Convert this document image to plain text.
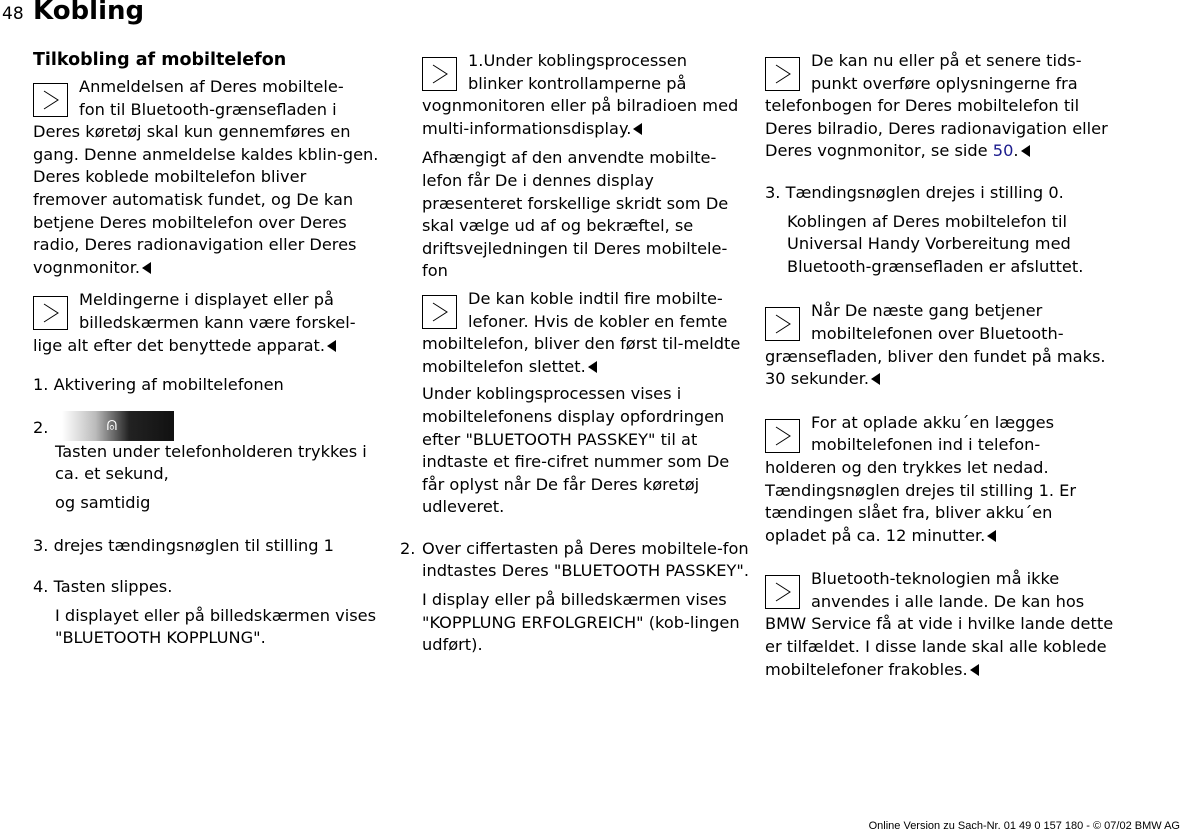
48 Kobling
Tilkobling af mobiltelefon

Anmeldelsen af Deres mobiltele-

fon til Bluetooth-grænsefladen i

Deres køretøj skal kun gennemføres en gang. Denne anmeldelse kaldes kblin-gen. Deres koblede mobiltelefon bliver fremover automatisk fundet, og De kan betjene Deres mobiltelefon over Deres radio, Deres radionavigation eller Deres vognmonitor.

Meldingerne i displayet eller på

billedskærmen kann være forskel-

lige alt efter det benyttede apparat.

1. Aktivering af mobiltelefonen

2.	⍝

Tasten under telefonholderen trykkes i ca. et sekund,

og samtidig

3. drejes tændingsnøglen til stilling 1

4. Tasten slippes.

I displayet eller på billedskærmen vises "BLUETOOTH KOPPLUNG".

1.Under koblingsprocessen

blinker kontrollamperne på

vognmonitoren eller på bilradioen med multi-informationsdisplay.

Afhængigt af den anvendte mobilte-lefon får De i dennes display præsenteret forskellige skridt som De skal vælge ud af og bekræftel, se driftsvejledningen til Deres mobiltele-fon

De kan koble indtil fire mobilte-

lefoner. Hvis de kobler en femte

mobiltelefon, bliver den først til-meldte mobiltelefon slettet.

Under koblingsprocessen vises i mobiltelefonens display opfordringen efter "BLUETOOTH PASSKEY" til at indtaste et fire-cifret nummer som De får oplyst når De får Deres køretøj udleveret.

2. Over ciffertasten på Deres mobiltele-fon indtastes Deres "BLUETOOTH PASSKEY".

I display eller på billedskærmen vises "KOPPLUNG ERFOLGREICH" (kob-lingen udført).

De kan nu eller på et senere tids-

punkt overføre oplysningerne fra

telefonbogen for Deres mobiltelefon til Deres bilradio, Deres radionavigation eller Deres vognmonitor, se side 50.

3. Tændingsnøglen drejes i stilling 0.

Koblingen af Deres mobiltelefon til Universal Handy Vorbereitung med Bluetooth-grænsefladen er afsluttet.

Når De næste gang betjener

mobiltelefonen over Bluetooth-

grænsefladen, bliver den fundet på maks. 30 sekunder.

For at oplade akku´en lægges

mobiltelefonen ind i telefon-

holderen og den trykkes let nedad. Tændingsnøglen drejes til stilling 1. Er tændingen slået fra, bliver akku´en opladet på ca. 12 minutter.

Bluetooth-teknologien må ikke

anvendes i alle lande. De kan hos

BMW Service få at vide i hvilke lande dette er tilfældet. I disse lande skal alle koblede mobiltelefoner frakobles.

Online Version zu Sach-Nr. 01 49 0 157 180 - © 07/02 BMW AG
